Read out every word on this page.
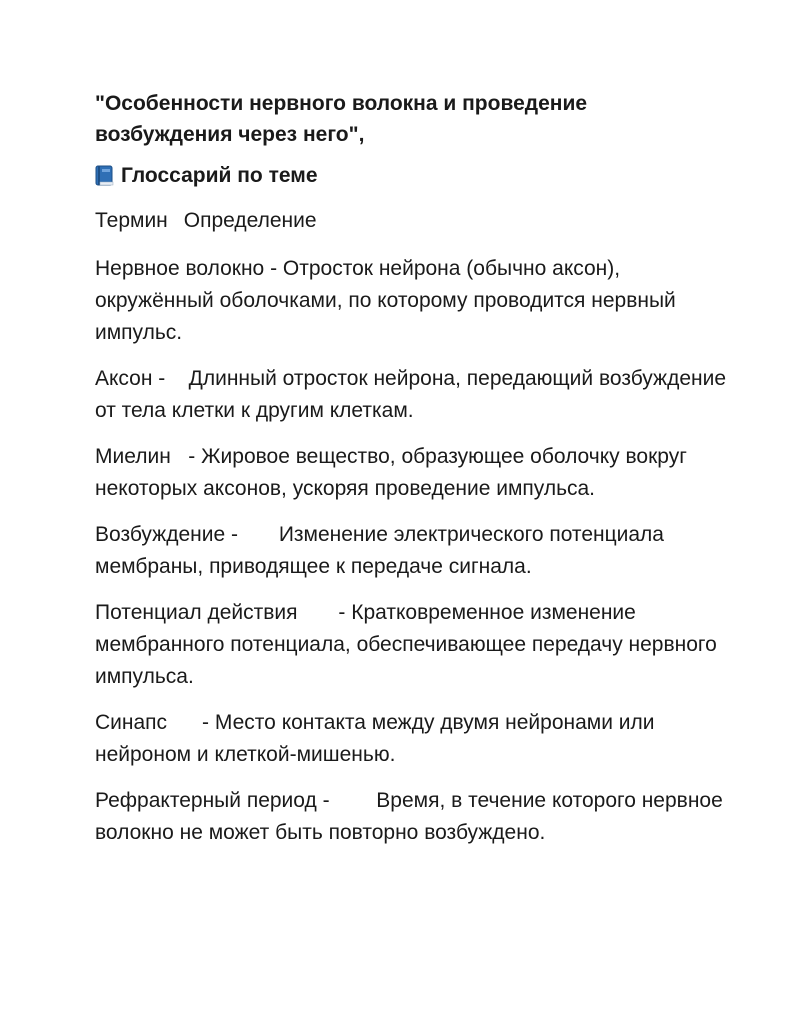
"Особенности нервного волокна и проведение
возбуждения через него",
Глоссарий по теме
Термин Определение
Нервное волокно - Отросток нейрона (обычно аксон), окружённый оболочками, по которому проводится нервный импульс.
Аксон -    Длинный отросток нейрона, передающий возбуждение от тела клетки к другим клеткам.
Миелин   - Жировое вещество, образующее оболочку вокруг некоторых аксонов, ускоряя проведение импульса.
Возбуждение -       Изменение электрического потенциала мембраны, приводящее к передаче сигнала.
Потенциал действия       - Кратковременное изменение мембранного потенциала, обеспечивающее передачу нервного импульса.
Синапс      - Место контакта между двумя нейронами или нейроном и клеткой-мишенью.
Рефрактерный период -        Время, в течение которого нервное волокно не может быть повторно возбуждено.
